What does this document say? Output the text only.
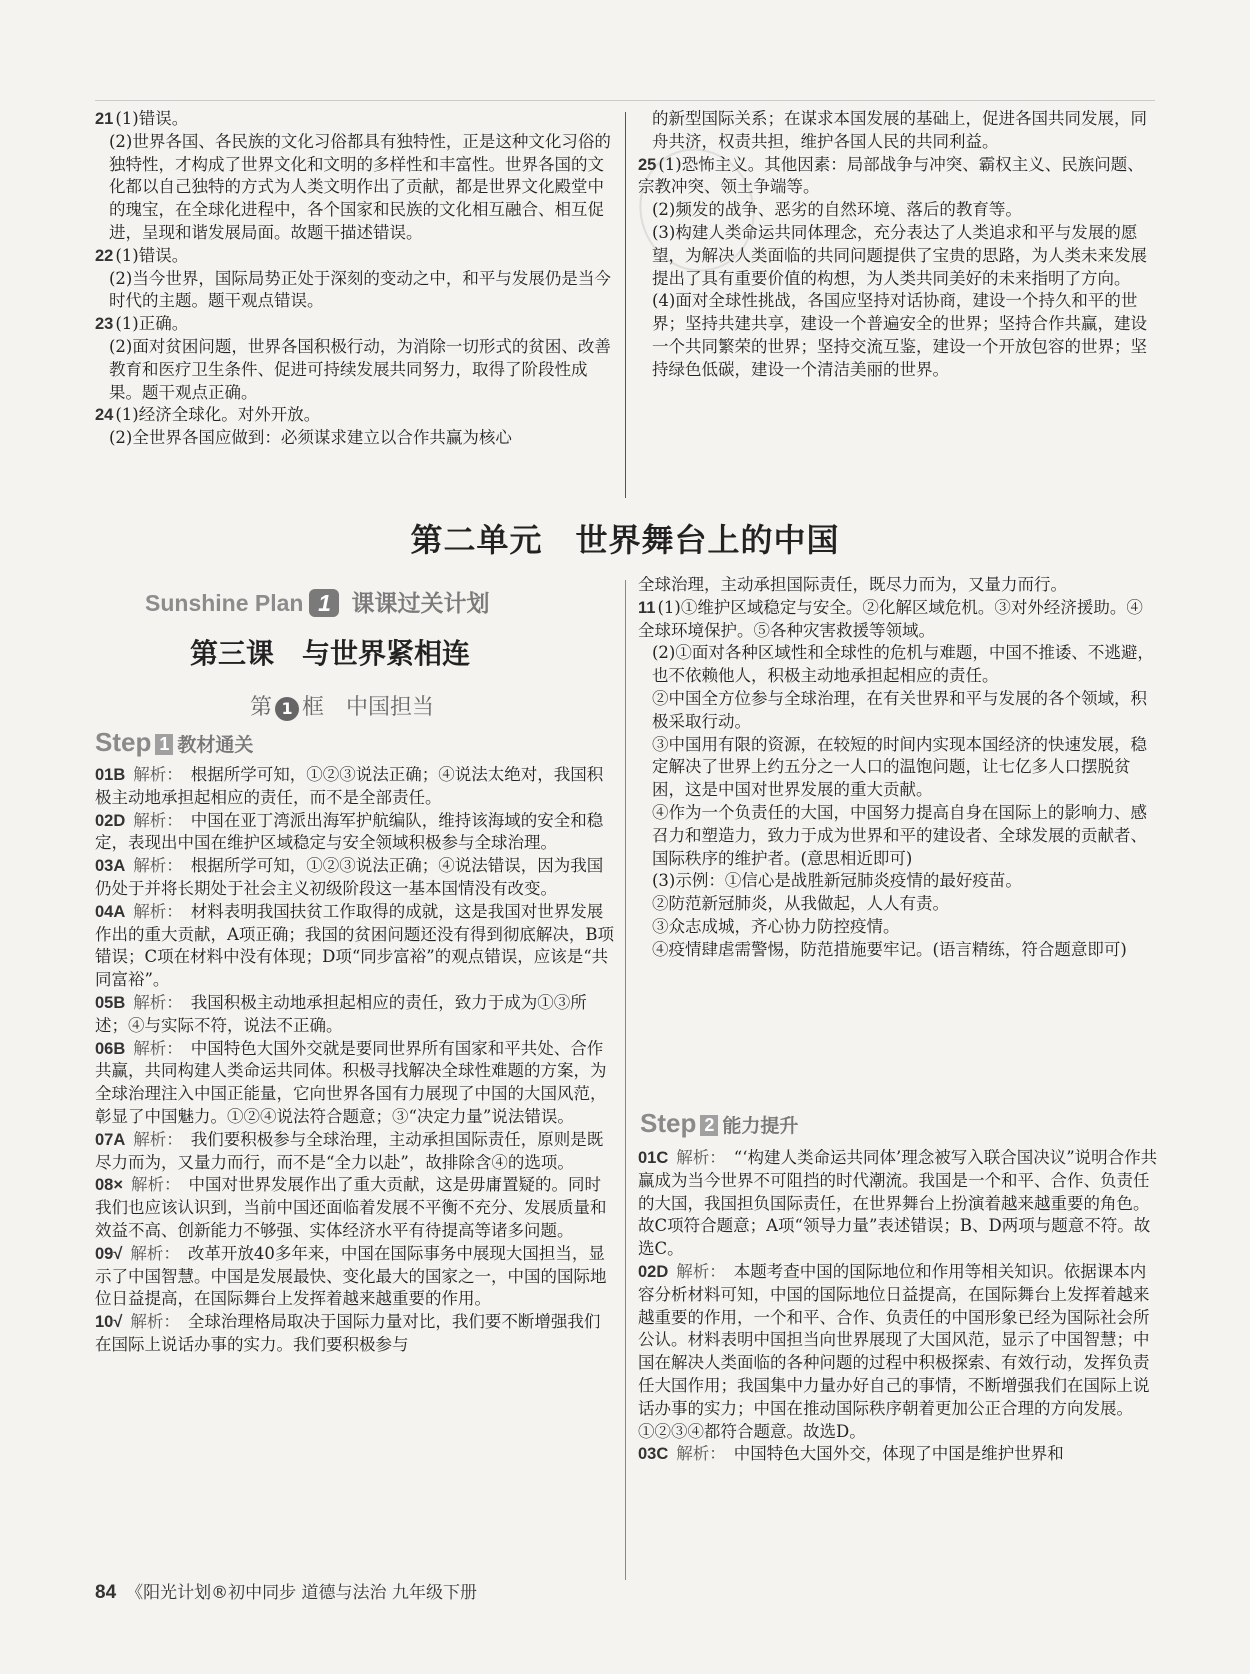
21 (1)错误。

(2)世界各国、各民族的文化习俗都具有独特性，正是这种文化习俗的独特性，才构成了世界文化和文明的多样性和丰富性。世界各国的文化都以自己独特的方式为人类文明作出了贡献，都是世界文化殿堂中的瑰宝，在全球化进程中，各个国家和民族的文化相互融合、相互促进，呈现和谐发展局面。故题干描述错误。

22 (1)错误。

(2)当今世界，国际局势正处于深刻的变动之中，和平与发展仍是当今时代的主题。题干观点错误。

23 (1)正确。

(2)面对贫困问题，世界各国积极行动，为消除一切形式的贫困、改善教育和医疗卫生条件、促进可持续发展共同努力，取得了阶段性成果。题干观点正确。

24 (1)经济全球化。对外开放。

(2)全世界各国应做到：必须谋求建立以合作共赢为核心

的新型国际关系；在谋求本国发展的基础上，促进各国共同发展，同舟共济，权责共担，维护各国人民的共同利益。

25 (1)恐怖主义。其他因素：局部战争与冲突、霸权主义、民族问题、宗教冲突、领土争端等。

(2)频发的战争、恶劣的自然环境、落后的教育等。

(3)构建人类命运共同体理念，充分表达了人类追求和平与发展的愿望，为解决人类面临的共同问题提供了宝贵的思路，为人类未来发展提出了具有重要价值的构想，为人类共同美好的未来指明了方向。

(4)面对全球性挑战，各国应坚持对话协商，建设一个持久和平的世界；坚持共建共享，建设一个普遍安全的世界；坚持合作共赢，建设一个共同繁荣的世界；坚持交流互鉴，建设一个开放包容的世界；坚持绿色低碳，建设一个清洁美丽的世界。

第二单元　世界舞台上的中国
Sunshine Plan 1 课课过关计划
第三课　与世界紧相连
第 1 框　中国担当
Step 1 教材通关

01B 解析： 根据所学可知，①②③说法正确；④说法太绝对，我国积极主动地承担起相应的责任，而不是全部责任。

02D 解析： 中国在亚丁湾派出海军护航编队，维持该海域的安全和稳定，表现出中国在维护区域稳定与安全领域积极参与全球治理。

03A 解析： 根据所学可知，①②③说法正确；④说法错误，因为我国仍处于并将长期处于社会主义初级阶段这一基本国情没有改变。

04A 解析： 材料表明我国扶贫工作取得的成就，这是我国对世界发展作出的重大贡献，A项正确；我国的贫困问题还没有得到彻底解决，B项错误；C项在材料中没有体现；D项“同步富裕”的观点错误，应该是“共同富裕”。

05B 解析： 我国积极主动地承担起相应的责任，致力于成为①③所述；④与实际不符，说法不正确。

06B 解析： 中国特色大国外交就是要同世界所有国家和平共处、合作共赢，共同构建人类命运共同体。积极寻找解决全球性难题的方案，为全球治理注入中国正能量，它向世界各国有力展现了中国的大国风范，彰显了中国魅力。①②④说法符合题意；③“决定力量”说法错误。

07A 解析： 我们要积极参与全球治理，主动承担国际责任，原则是既尽力而为，又量力而行，而不是“全力以赴”，故排除含④的选项。

08× 解析： 中国对世界发展作出了重大贡献，这是毋庸置疑的。同时我们也应该认识到，当前中国还面临着发展不平衡不充分、发展质量和效益不高、创新能力不够强、实体经济水平有待提高等诸多问题。

09√ 解析： 改革开放40多年来，中国在国际事务中展现大国担当，显示了中国智慧。中国是发展最快、变化最大的国家之一，中国的国际地位日益提高，在国际舞台上发挥着越来越重要的作用。

10√ 解析： 全球治理格局取决于国际力量对比，我们要不断增强我们在国际上说话办事的实力。我们要积极参与

全球治理，主动承担国际责任，既尽力而为，又量力而行。

11 (1)①维护区域稳定与安全。②化解区域危机。③对外经济援助。④全球环境保护。⑤各种灾害救援等领域。

(2)①面对各种区域性和全球性的危机与难题，中国不推诿、不逃避，也不依赖他人，积极主动地承担起相应的责任。

②中国全方位参与全球治理，在有关世界和平与发展的各个领域，积极采取行动。

③中国用有限的资源，在较短的时间内实现本国经济的快速发展，稳定解决了世界上约五分之一人口的温饱问题，让七亿多人口摆脱贫困，这是中国对世界发展的重大贡献。

④作为一个负责任的大国，中国努力提高自身在国际上的影响力、感召力和塑造力，致力于成为世界和平的建设者、全球发展的贡献者、国际秩序的维护者。(意思相近即可)

(3)示例：①信心是战胜新冠肺炎疫情的最好疫苗。

②防范新冠肺炎，从我做起，人人有责。

③众志成城，齐心协力防控疫情。

④疫情肆虐需警惕，防范措施要牢记。(语言精练，符合题意即可)

Step 2 能力提升

01C 解析： “‘构建人类命运共同体’理念被写入联合国决议”说明合作共赢成为当今世界不可阻挡的时代潮流。我国是一个和平、合作、负责任的大国，我国担负国际责任，在世界舞台上扮演着越来越重要的角色。故C项符合题意；A项“领导力量”表述错误；B、D两项与题意不符。故选C。

02D 解析： 本题考查中国的国际地位和作用等相关知识。依据课本内容分析材料可知，中国的国际地位日益提高，在国际舞台上发挥着越来越重要的作用，一个和平、合作、负责任的中国形象已经为国际社会所公认。材料表明中国担当向世界展现了大国风范，显示了中国智慧；中国在解决人类面临的各种问题的过程中积极探索、有效行动，发挥负责任大国作用；我国集中力量办好自己的事情，不断增强我们在国际上说话办事的实力；中国在推动国际秩序朝着更加公正合理的方向发展。①②③④都符合题意。故选D。

03C 解析： 中国特色大国外交，体现了中国是维护世界和

84 《阳光计划®初中同步 道德与法治 九年级下册
